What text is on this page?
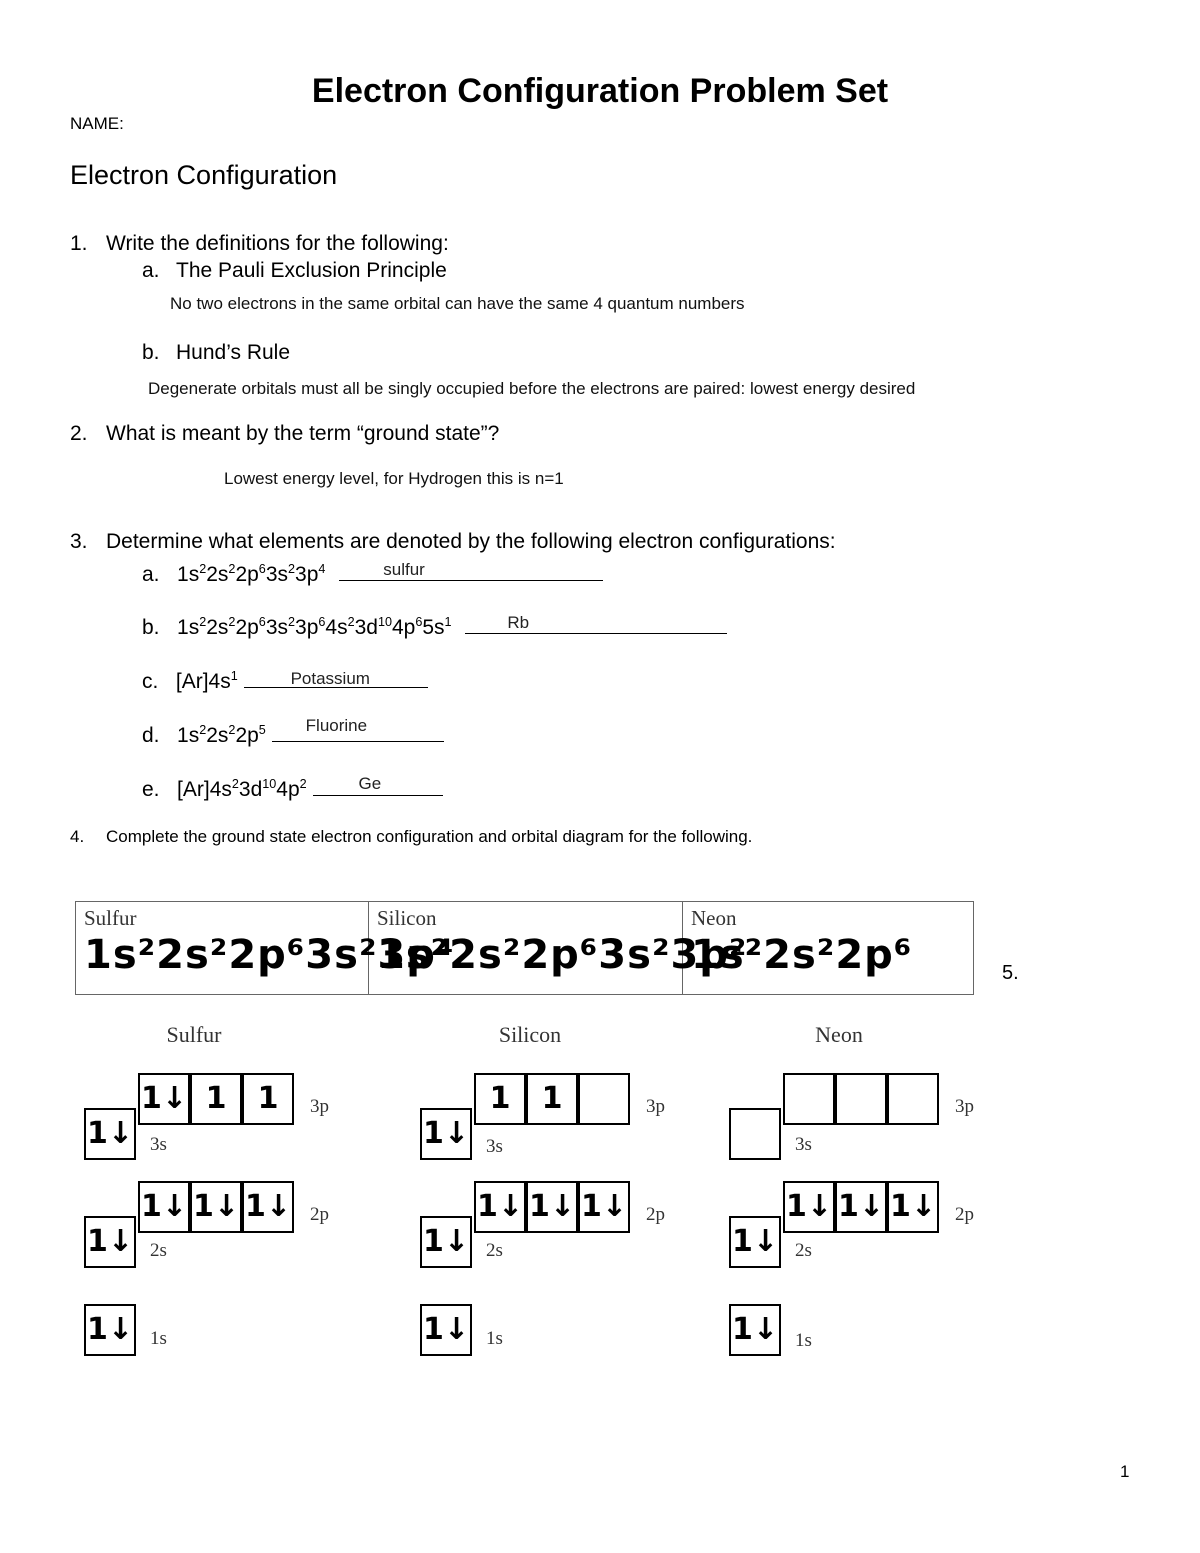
Electron Configuration Problem Set
NAME:
Electron Configuration
1. Write the definitions for the following:
a. The Pauli Exclusion Principle
No two electrons in the same orbital can have the same 4 quantum numbers
b. Hund’s Rule
Degenerate orbitals must all be singly occupied before the electrons are paired: lowest energy desired
2. What is meant by the term “ground state”?
Lowest energy level, for Hydrogen this is n=1
3. Determine what elements are denoted by the following electron configurations:
a. $1s^22s^22p^63s^23p^4$	sulfur
b. $1s^22s^22p^63s^23p^64s^23d^{10}4p^65s^1$	Rb
c. $[Ar]4s^1$	Potassium
d. $1s^22s^22p^5$ Fluorine
e. $[Ar]4s^23d^{10}4p^2$	Ge
4. Complete the ground state electron configuration and orbital diagram for the following.
Sulfur
1s²2s²2p⁶3s²3p⁴

Silicon
1s²2s²2p⁶3s²3p²

Neon
1s²2s²2p⁶	5.
Sulfur
1↓ 1	1	3p
1↓ 3s
1↓ 1↓ 1↓ 2p
1↓ 2s
1↓ 1s
Silicon
1	1	3p
1↓ 3s
1↓ 1↓ 1↓ 2p
1↓ 2s
1↓ 1s
Neon
3p
3s
1↓ 1↓ 1↓ 2p
1↓ 2s
1↓ 1s
1
